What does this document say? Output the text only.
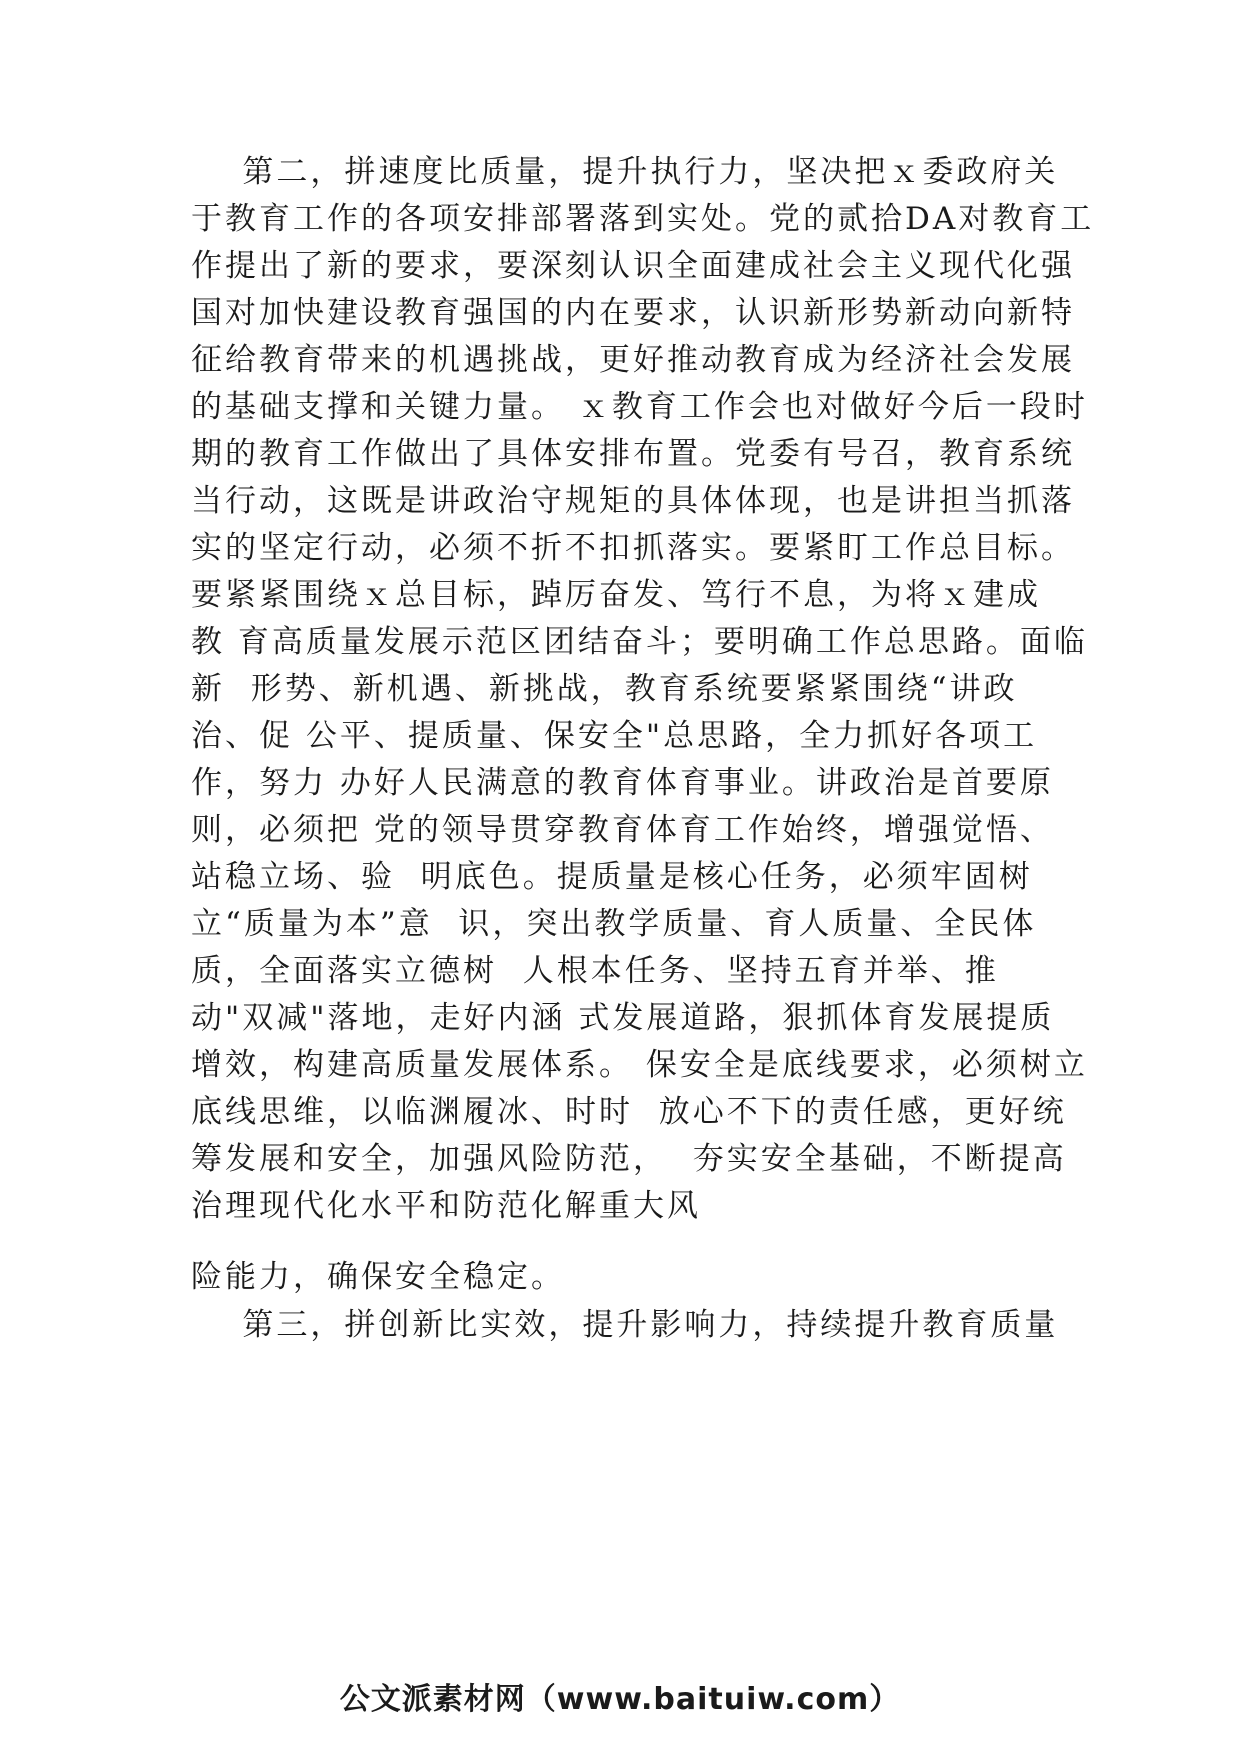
第二，拼速度比质量，提升执行力，坚决把ｘ委政府关
于教育工作的各项安排部署落到实处。党的贰拾DA对教育工
作提出了新的要求，要深刻认识全面建成社会主义现代化强
国对加快建设教育强国的内在要求，认识新形势新动向新特
征给教育带来的机遇挑战，更好推动教育成为经济社会发展
的基础支撑和关键力量。 ｘ教育工作会也对做好今后一段时
期的教育工作做出了具体安排布置。党委有号召，教育系统
当行动，这既是讲政治守规矩的具体体现，也是讲担当抓落
实的坚定行动，必须不折不扣抓落实。要紧盯工作总目标。
要紧紧围绕ｘ总目标，踔厉奋发、笃行不息，为将ｘ建成
教 育高质量发展示范区团结奋斗；要明确工作总思路。面临
新  形势、新机遇、新挑战，教育系统要紧紧围绕“讲政
治、促 公平、提质量、保安全"总思路，全力抓好各项工
作，努力 办好人民满意的教育体育事业。讲政治是首要原
则，必须把 党的领导贯穿教育体育工作始终，增强觉悟、
站稳立场、验  明底色。提质量是核心任务，必须牢固树
立“质量为本”意  识，突出教学质量、育人质量、全民体
质，全面落实立德树  人根本任务、坚持五育并举、推
动"双减"落地，走好内涵 式发展道路，狠抓体育发展提质
增效，构建高质量发展体系。 保安全是底线要求，必须树立
底线思维，以临渊履冰、时时  放心不下的责任感，更好统
筹发展和安全，加强风险防范，  夯实安全基础，不断提高
治理现代化水平和防范化解重大风
险能力，确保安全稳定。
第三，拼创新比实效，提升影响力，持续提升教育质量
公文派素材网（www.baituiw.com）
